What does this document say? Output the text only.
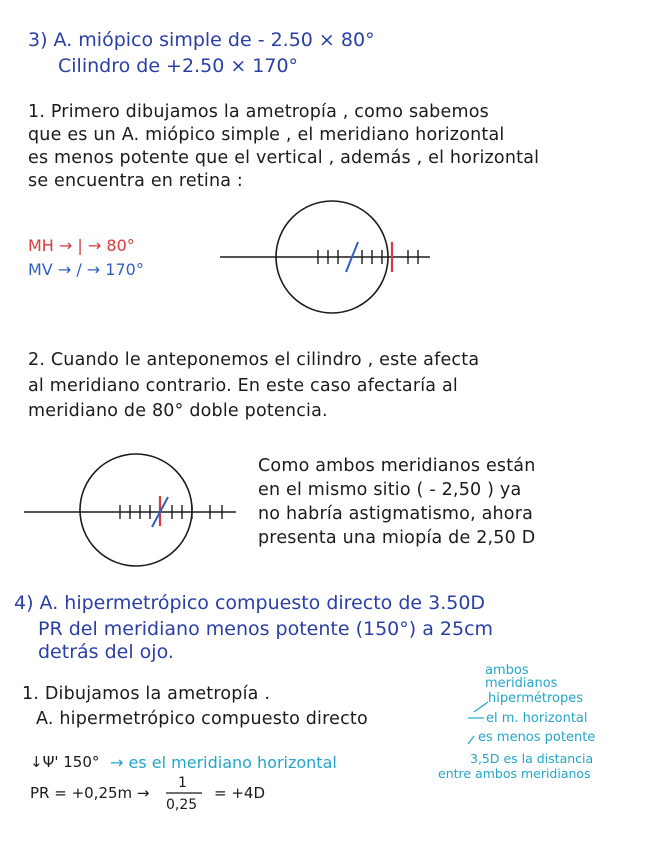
3) A. miópico simple de - 2.50 × 80°
Cilindro de +2.50 × 170°
1. Primero dibujamos la ametropía , como sabemos
que es un A. miópico simple , el meridiano horizontal
es menos potente que el vertical , además , el horizontal
se encuentra en retina :
MH → | → 80°
MV → / → 170°
2. Cuando le anteponemos el cilindro , este afecta
al meridiano contrario. En este caso afectaría al
meridiano de 80° doble potencia.
Como ambos meridianos están
en el mismo sitio ( - 2,50 ) ya
no habría astigmatismo, ahora
presenta una miopía de 2,50 D
4) A. hipermetrópico compuesto directo de 3.50D
PR del meridiano menos potente (150°) a 25cm
detrás del ojo.
1. Dibujamos la ametropía .
A. hipermetrópico compuesto directo
ambos
meridianos
hipermétropes
el m. horizontal
es menos potente
3,5D es la distancia
entre ambos meridianos
↓Ψ' 150° → es el meridiano horizontal
PR = +0,25m →
1
0,25
= +4D
